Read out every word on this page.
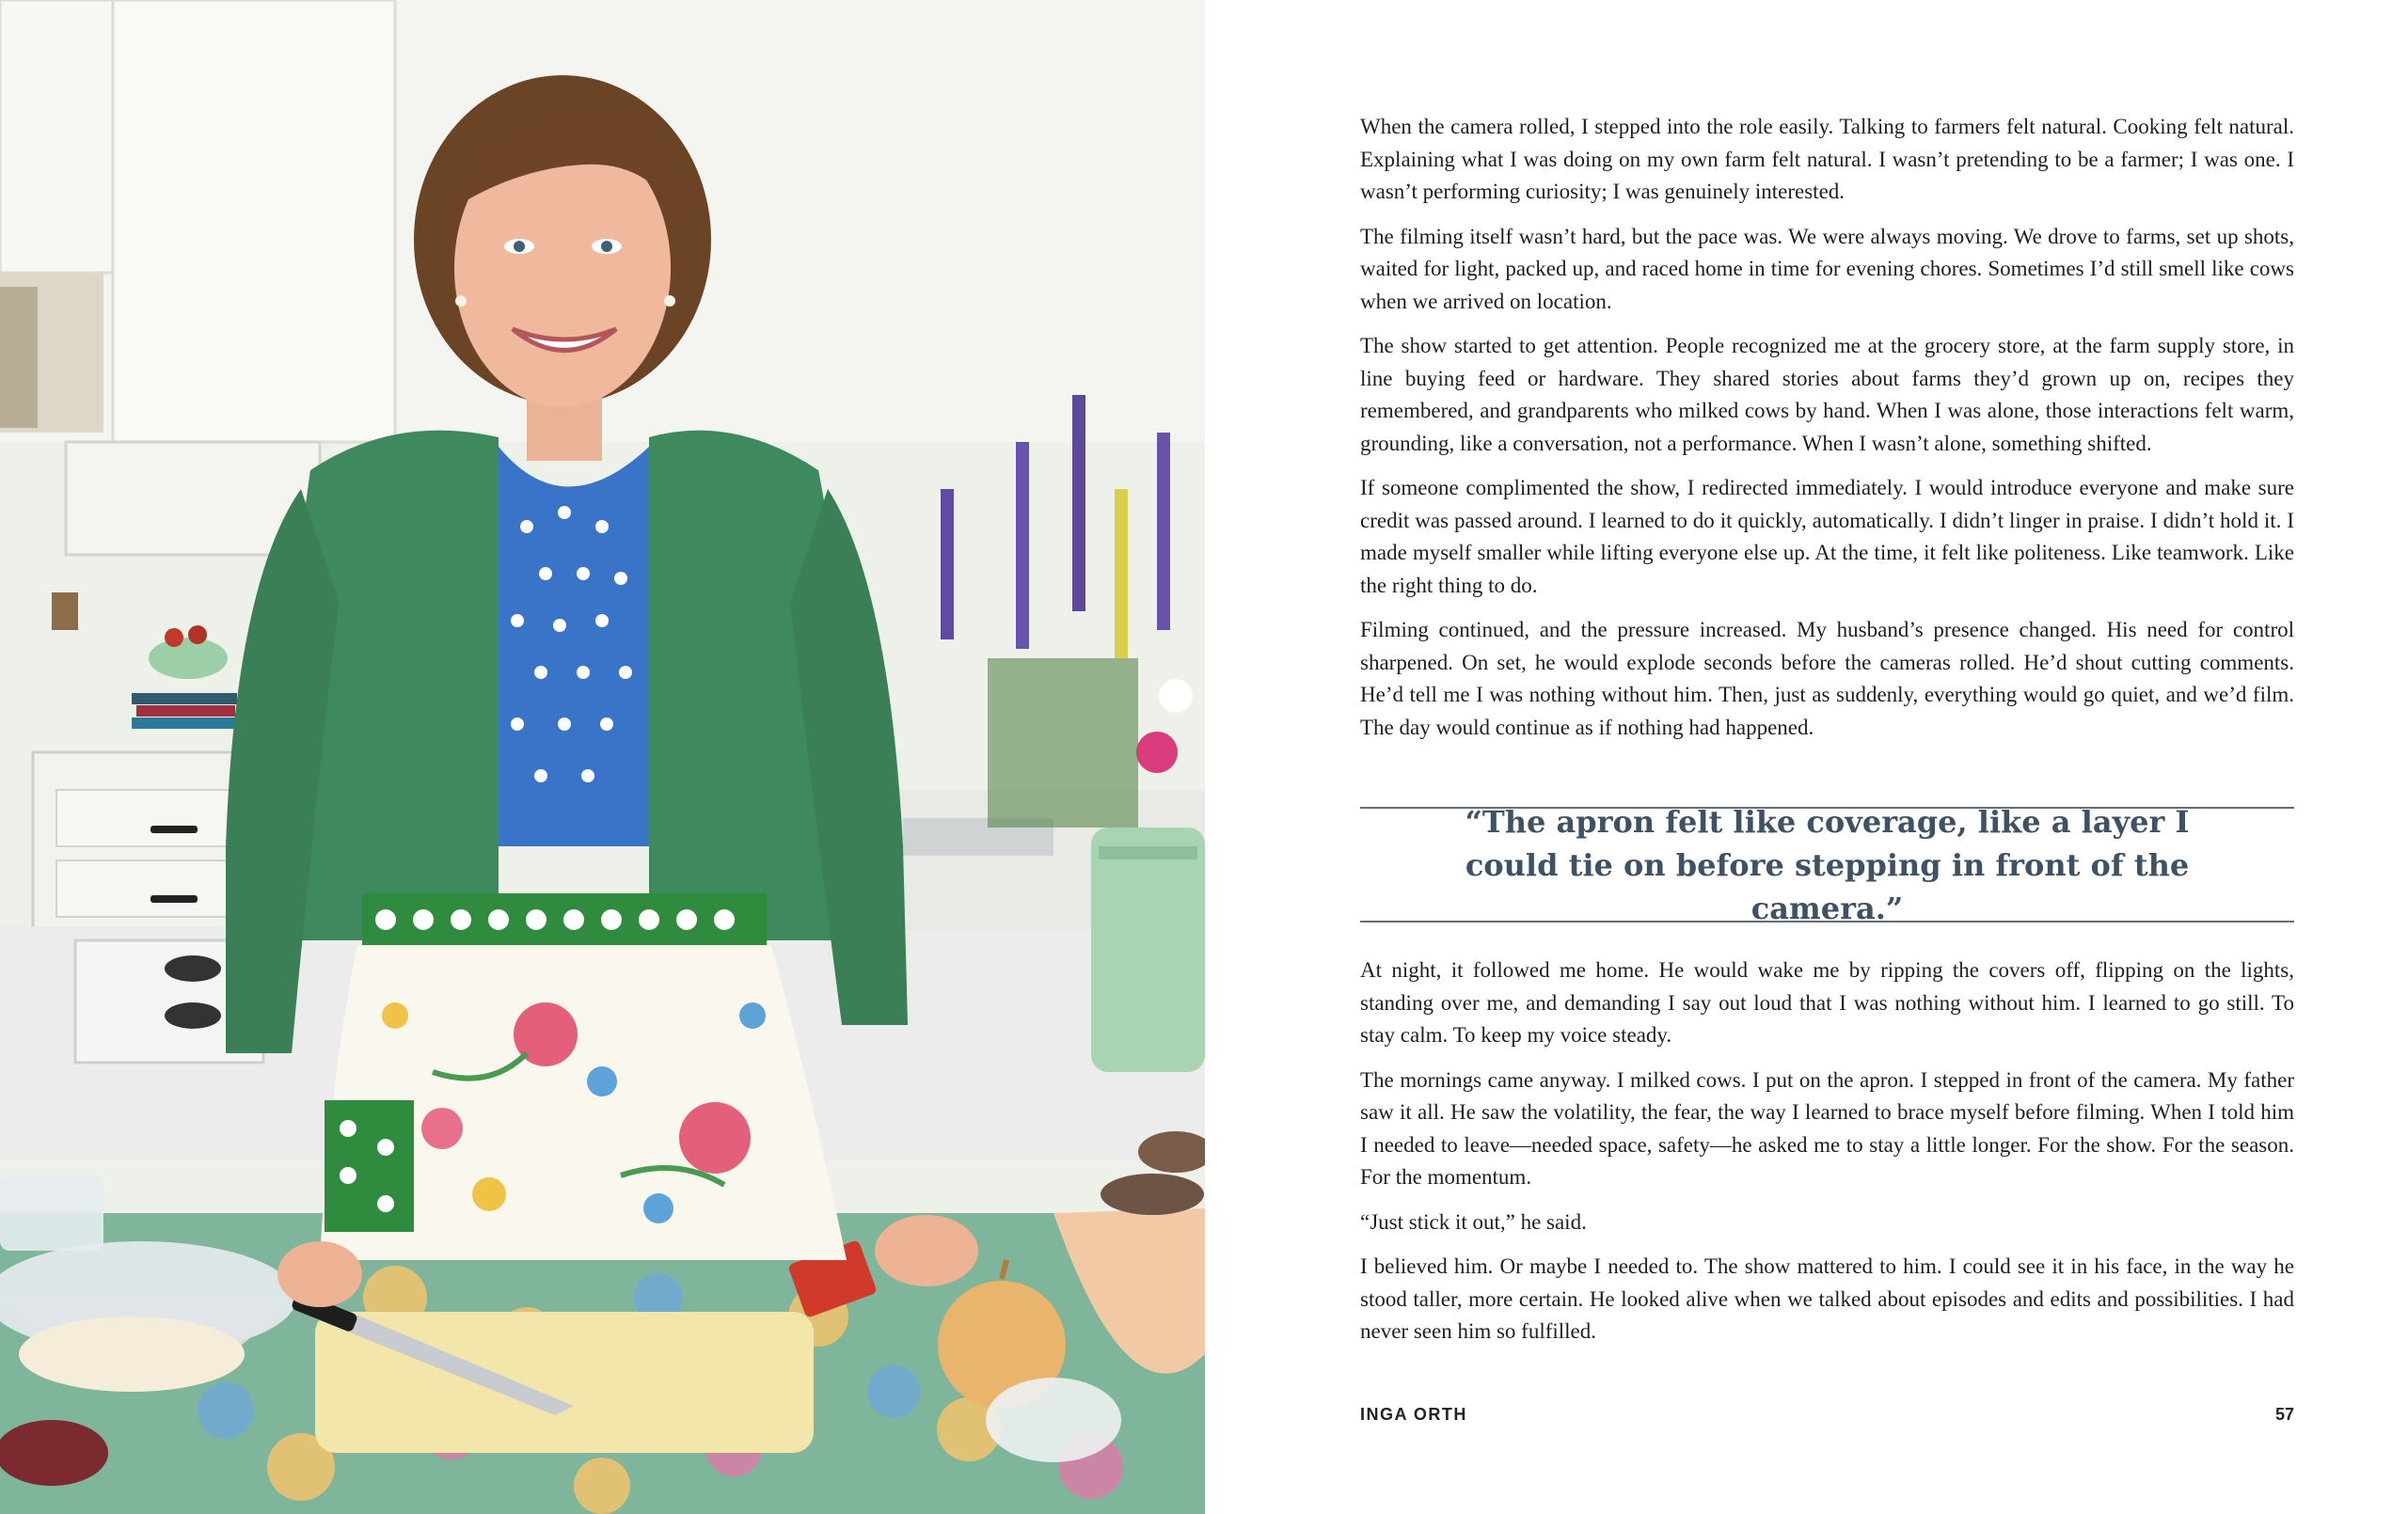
When the camera rolled, I stepped into the role easily. Talking to farmers felt natural. Cooking felt natural. Explaining what I was doing on my own farm felt natural. I wasn’t pretending to be a farmer; I was one. I wasn’t performing curiosity; I was genuinely interested.

The filming itself wasn’t hard, but the pace was. We were always moving. We drove to farms, set up shots, waited for light, packed up, and raced home in time for evening chores. Sometimes I’d still smell like cows when we arrived on location.

The show started to get attention. People recognized me at the grocery store, at the farm supply store, in line buying feed or hardware. They shared stories about farms they’d grown up on, recipes they remembered, and grandparents who milked cows by hand. When I was alone, those interactions felt warm, grounding, like a conversation, not a performance. When I wasn’t alone, something shifted.

If someone complimented the show, I redirected immediately. I would introduce everyone and make sure credit was passed around. I learned to do it quickly, automatically. I didn’t linger in praise. I didn’t hold it. I made myself smaller while lifting everyone else up. At the time, it felt like politeness. Like teamwork. Like the right thing to do.

Filming continued, and the pressure increased. My husband’s presence changed. His need for control sharpened. On set, he would explode seconds before the cameras rolled. He’d shout cutting comments. He’d tell me I was nothing without him. Then, just as suddenly, everything would go quiet, and we’d film. The day would continue as if nothing had happened.

“The apron felt like coverage, like a layer I could tie on before stepping in front of the camera.”

At night, it followed me home. He would wake me by ripping the covers off, flipping on the lights, standing over me, and demanding I say out loud that I was nothing without him. I learned to go still. To stay calm. To keep my voice steady.

The mornings came anyway. I milked cows. I put on the apron. I stepped in front of the camera. My father saw it all. He saw the volatility, the fear, the way I learned to brace myself before filming. When I told him I needed to leave—needed space, safety—he asked me to stay a little longer. For the show. For the season. For the momentum.

“Just stick it out,” he said.

I believed him. Or maybe I needed to. The show mattered to him. I could see it in his face, in the way he stood taller, more certain. He looked alive when we talked about episodes and edits and possibilities. I had never seen him so fulfilled.

INGA ORTH	57
